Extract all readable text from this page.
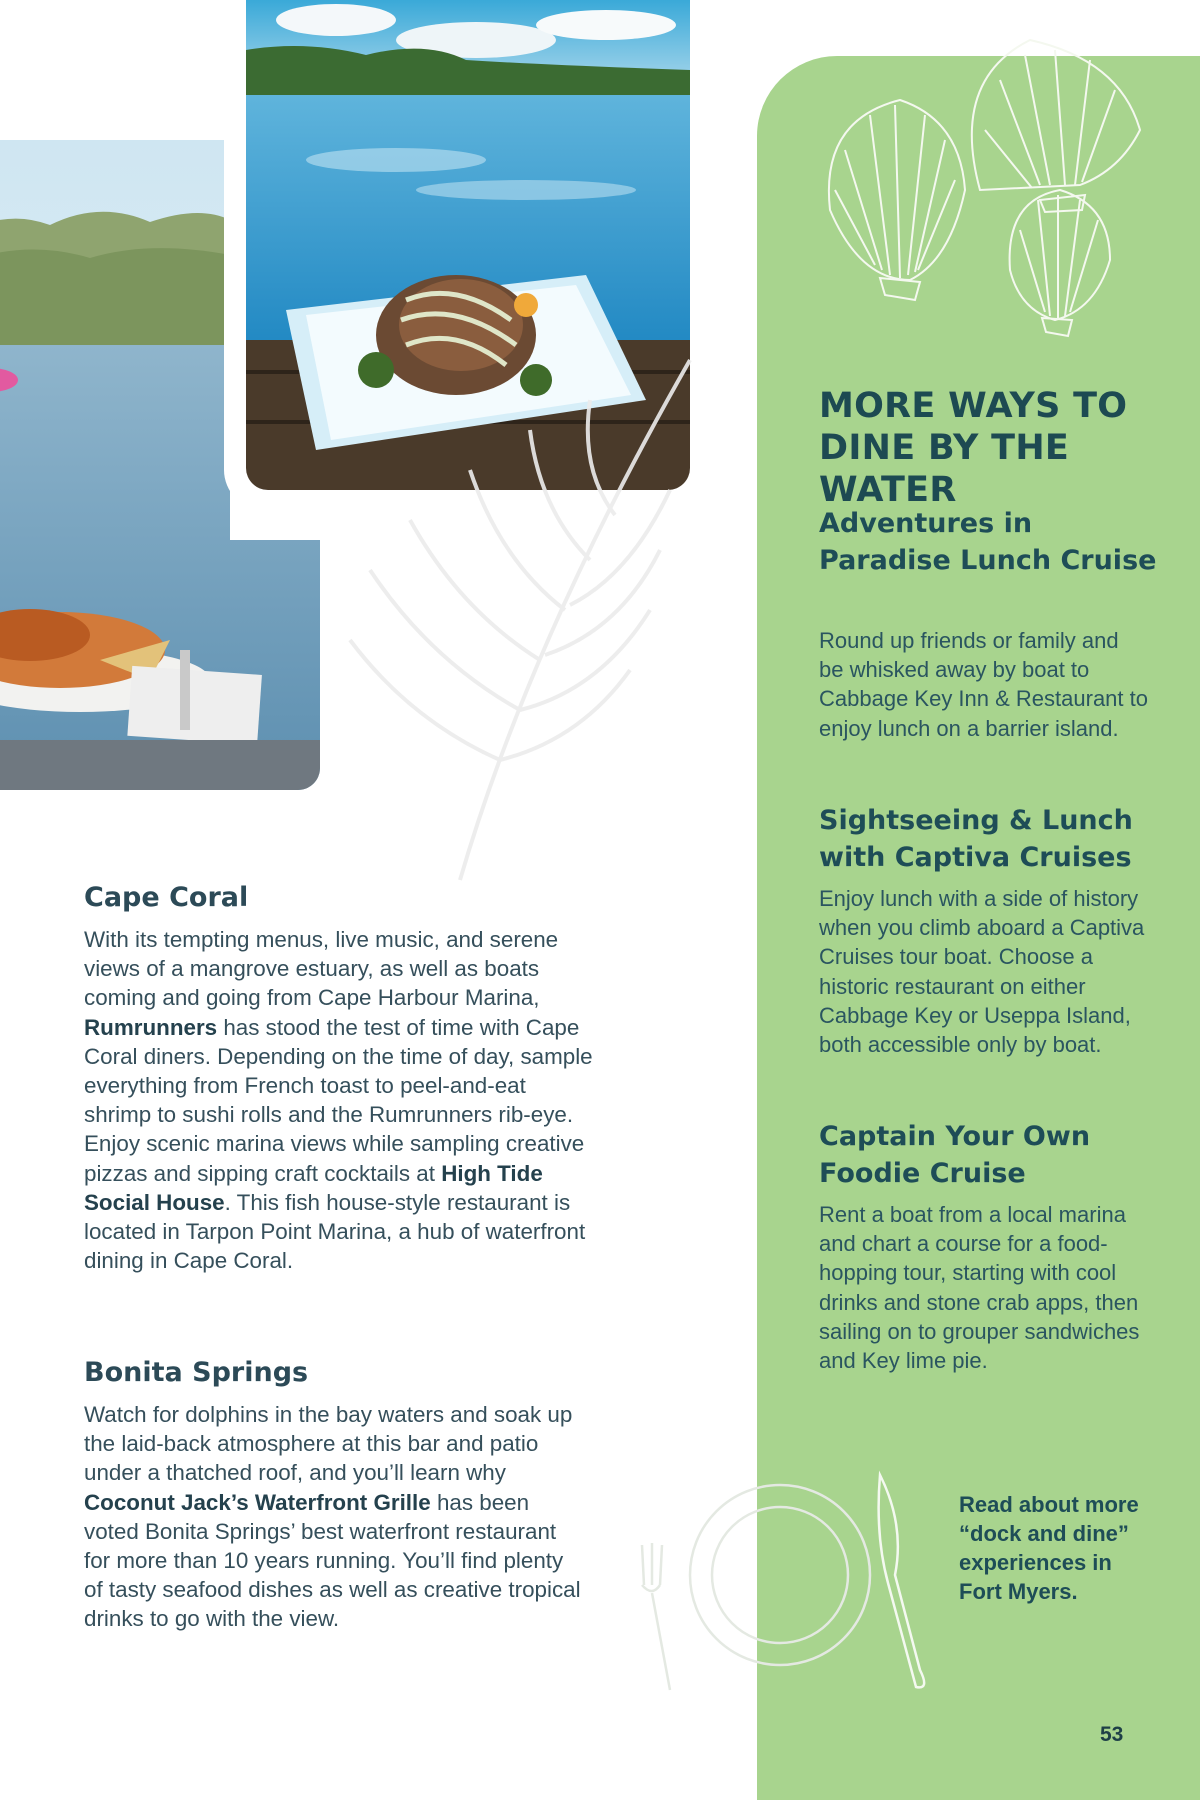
MORE WAYS TO DINE BY THE WATER
Adventures in Paradise Lunch Cruise
Round up friends or family and be whisked away by boat to Cabbage Key Inn & Restaurant to enjoy lunch on a barrier island.
Sightseeing & Lunch with Captiva Cruises
Enjoy lunch with a side of history when you climb aboard a Captiva Cruises tour boat. Choose a historic restaurant on either Cabbage Key or Useppa Island, both accessible only by boat.
Captain Your Own Foodie Cruise
Rent a boat from a local marina and chart a course for a food-hopping tour, starting with cool drinks and stone crab apps, then sailing on to grouper sandwiches and Key lime pie.
Read about more “dock and dine” experiences in Fort Myers.
53
Cape Coral
With its tempting menus, live music, and serene views of a mangrove estuary, as well as boats coming and going from Cape Harbour Marina, Rumrunners has stood the test of time with Cape Coral diners. Depending on the time of day, sample everything from French toast to peel-and-eat shrimp to sushi rolls and the Rumrunners rib-eye. Enjoy scenic marina views while sampling creative pizzas and sipping craft cocktails at High Tide Social House. This fish house-style restaurant is located in Tarpon Point Marina, a hub of waterfront dining in Cape Coral.
Bonita Springs
Watch for dolphins in the bay waters and soak up the laid-back atmosphere at this bar and patio under a thatched roof, and you’ll learn why Coconut Jack’s Waterfront Grille has been voted Bonita Springs’ best waterfront restaurant for more than 10 years running. You’ll find plenty of tasty seafood dishes as well as creative tropical drinks to go with the view.
